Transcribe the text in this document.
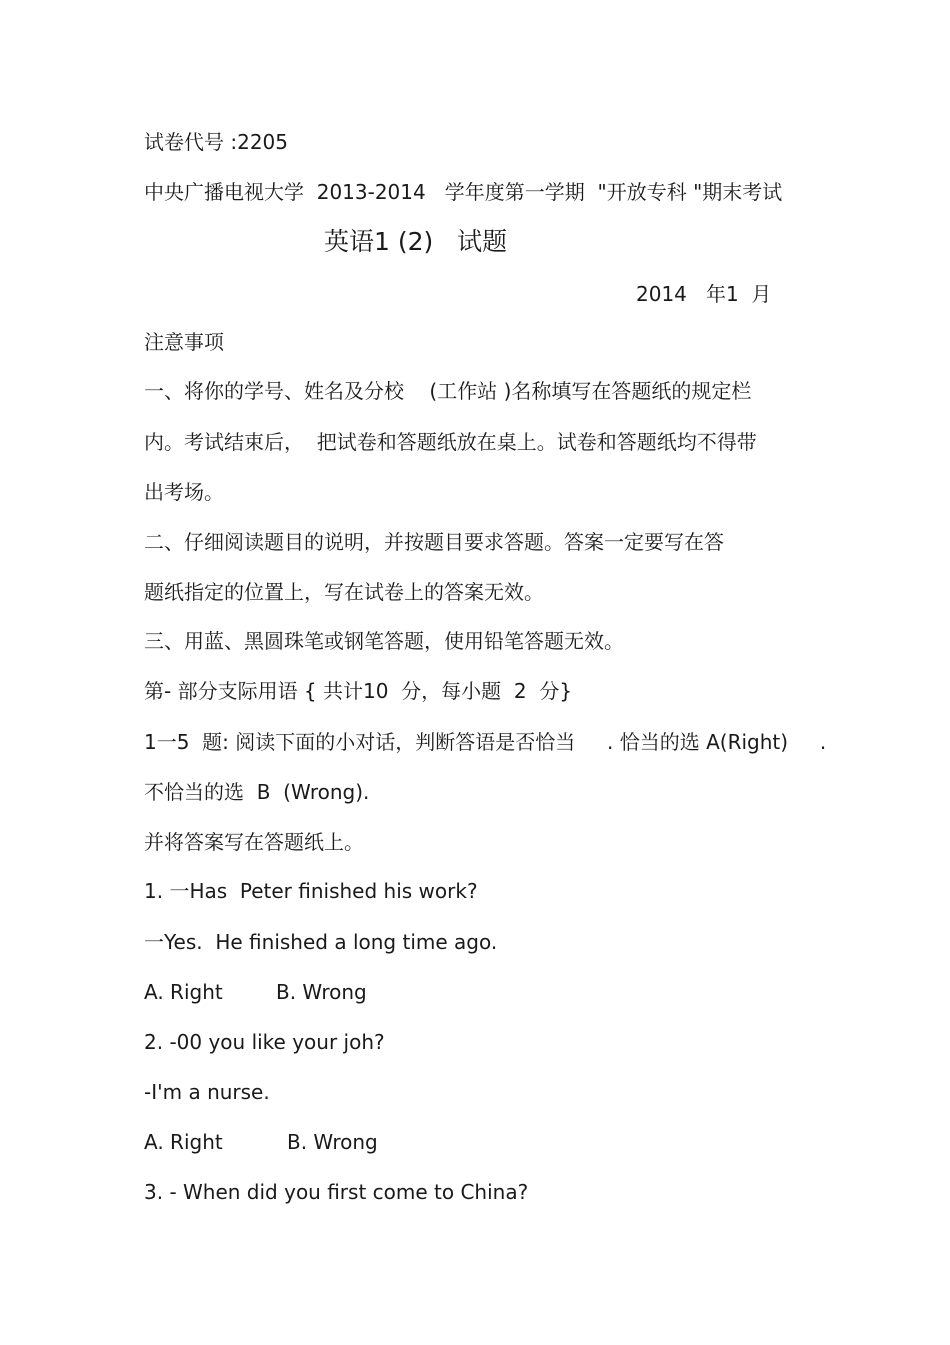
试卷代号 :2205
中央广播电视大学  2013-2014   学年度第一学期  "开放专科 "期末考试
英语1 (2)   试题
2014   年1  月
注意事项
一、将你的学号、姓名及分校    (工作站 )名称填写在答题纸的规定栏
内。考试结束后，  把试卷和答题纸放在桌上。试卷和答题纸均不得带
出考场。
二、仔细阅读题目的说明，并按题目要求答题。答案一定要写在答
题纸指定的位置上，写在试卷上的答案无效。
三、用蓝、黑圆珠笔或钢笔答题，使用铅笔答题无效。
第- 部分支际用语 { 共计10  分，每小题  2  分}
1一5  题: 阅读下面的小对话，判断答语是否恰当     . 恰当的选 A(Right)     .
不恰当的选  B  (Wrong).
并将答案写在答题纸上。
1. 一Has  Peter finished his work?
一Yes.  He finished a long time ago.
A. Right	B. Wrong
2. -00 you like your joh?
-I'm a nurse.
A. Right	B. Wrong
3. - When did you first come to China?
